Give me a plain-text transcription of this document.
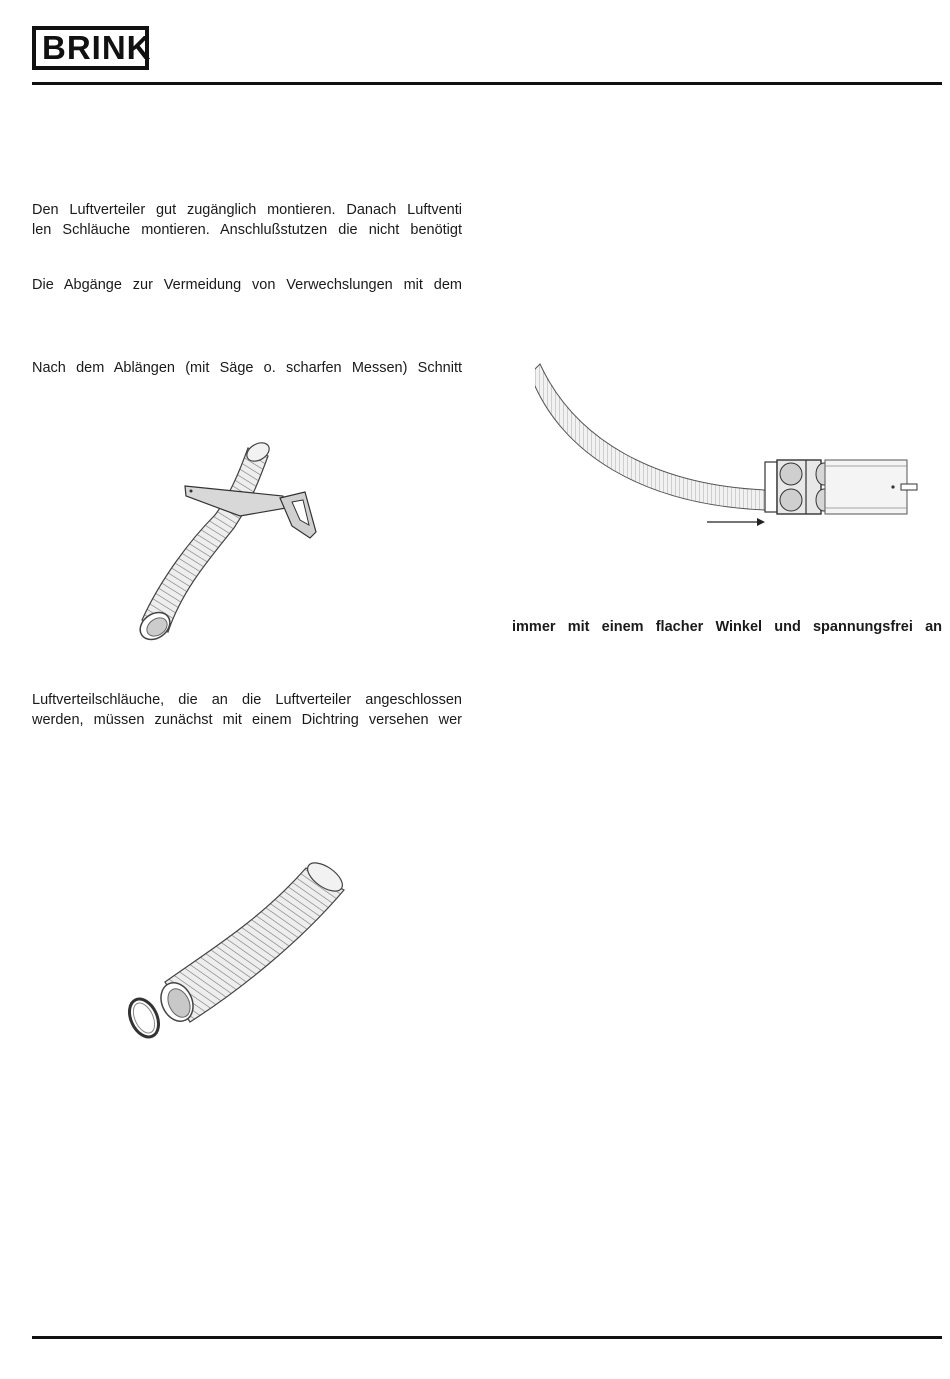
BRINK
Den Luftverteiler gut zugänglich montieren. Danach Luftventi
len Schläuche montieren. Anschlußstutzen die nicht benötigt
Die Abgänge zur Vermeidung von Verwechslungen mit dem
Nach dem Ablängen (mit Säge o. scharfen Messen) Schnitt
Luftverteilschläuche, die an die Luftverteiler angeschlossen
werden, müssen zunächst mit einem Dichtring versehen wer
immer mit einem flacher Winkel und spannungsfrei an
